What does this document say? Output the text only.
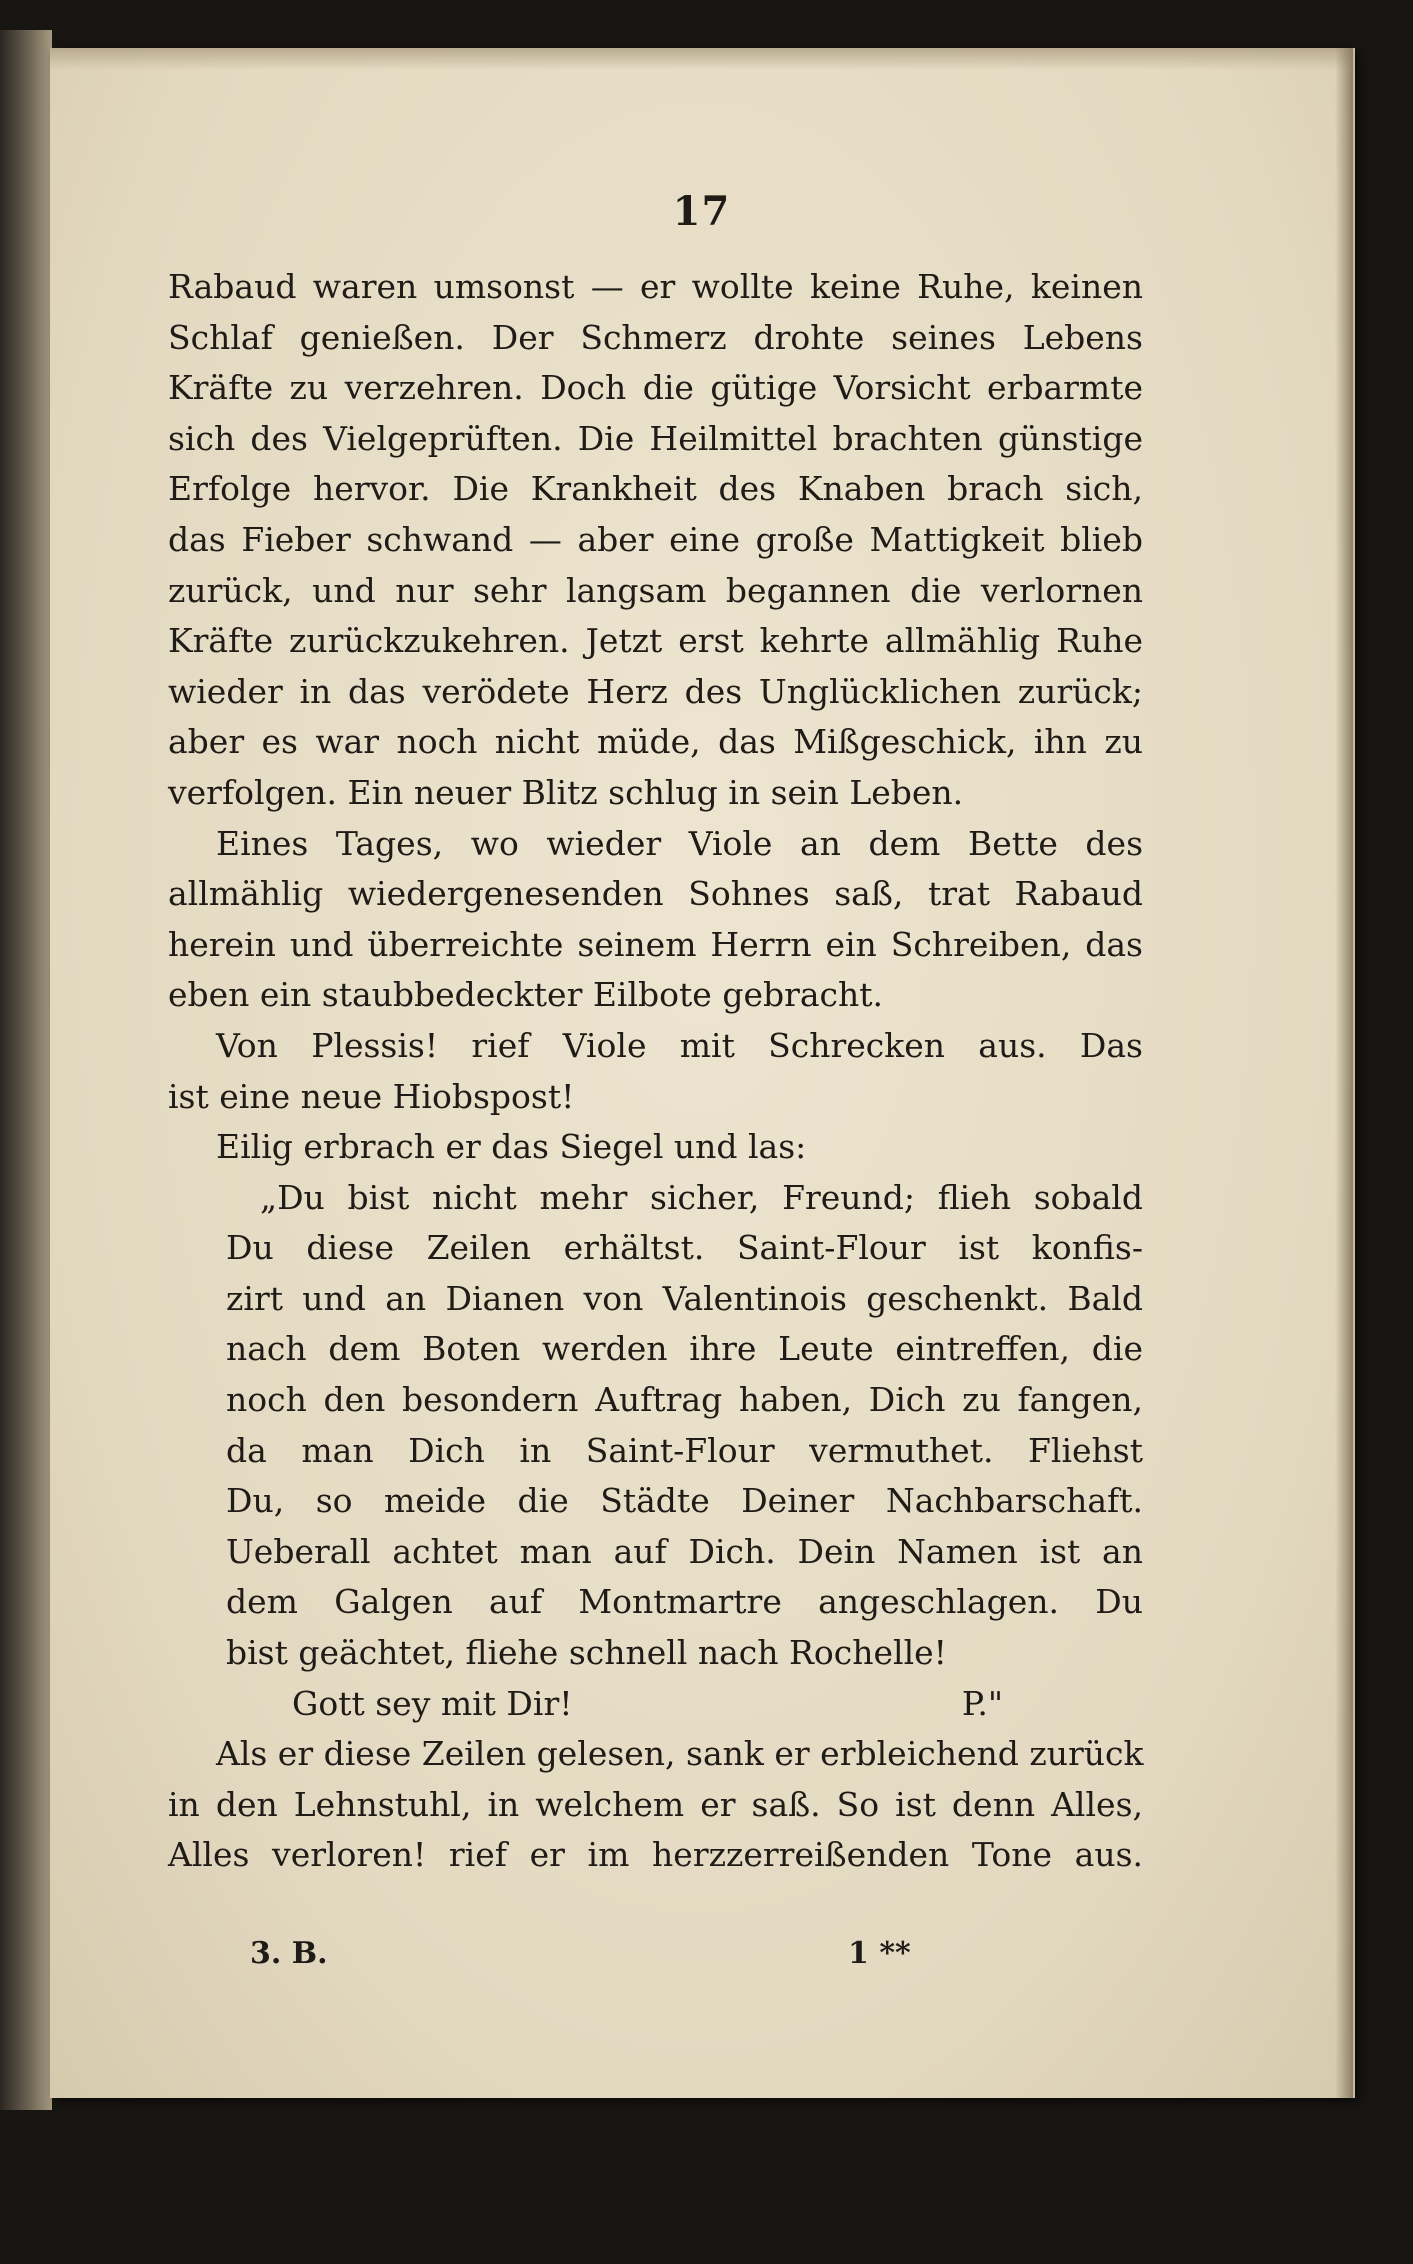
17
Rabaud waren umsonst — er wollte keine Ruhe, keinen
Schlaf genießen. Der Schmerz drohte seines Lebens
Kräfte zu verzehren. Doch die gütige Vorsicht erbarmte
sich des Vielgeprüften. Die Heilmittel brachten günstige
Erfolge hervor. Die Krankheit des Knaben brach sich,
das Fieber schwand — aber eine große Mattigkeit blieb
zurück, und nur sehr langsam begannen die verlornen
Kräfte zurückzukehren. Jetzt erst kehrte allmählig Ruhe
wieder in das verödete Herz des Unglücklichen zurück;
aber es war noch nicht müde, das Mißgeschick, ihn zu
verfolgen. Ein neuer Blitz schlug in sein Leben.
Eines Tages, wo wieder Viole an dem Bette des
allmählig wiedergenesenden Sohnes saß, trat Rabaud
herein und überreichte seinem Herrn ein Schreiben, das
eben ein staubbedeckter Eilbote gebracht.
Von Plessis! rief Viole mit Schrecken aus. Das
ist eine neue Hiobspost!
Eilig erbrach er das Siegel und las:
„Du bist nicht mehr sicher, Freund; flieh sobald
Du diese Zeilen erhältst. Saint-Flour ist konfis-
zirt und an Dianen von Valentinois geschenkt. Bald
nach dem Boten werden ihre Leute eintreffen, die
noch den besondern Auftrag haben, Dich zu fangen,
da man Dich in Saint-Flour vermuthet. Fliehst
Du, so meide die Städte Deiner Nachbarschaft.
Ueberall achtet man auf Dich. Dein Namen ist an
dem Galgen auf Montmartre angeschlagen. Du
bist geächtet, fliehe schnell nach Rochelle!
Gott sey mit Dir!	P."
Als er diese Zeilen gelesen, sank er erbleichend zurück
in den Lehnstuhl, in welchem er saß. So ist denn Alles,
Alles verloren! rief er im herzzerreißenden Tone aus.
3. B.	1 **
